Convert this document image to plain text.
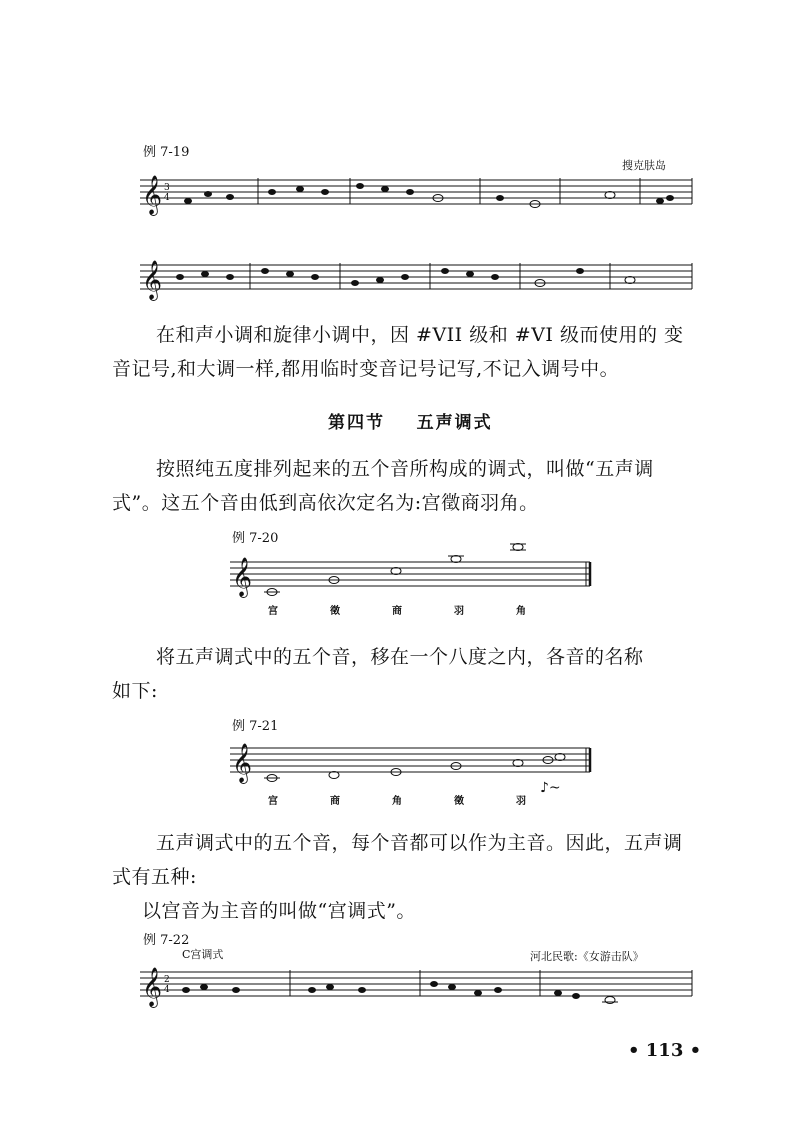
例 7-19
搜克肤岛
𝄞 3
4
𝄞
在和声小调和旋律小调中，因 #VII 级和 #VI 级而使用的 变
音记号,和大调一样,都用临时变音记号记写,不记入调号中。
第四节    五声调式
按照纯五度排列起来的五个音所构成的调式，叫做“五声调
式”。这五个音由低到高依次定名为:宫徵商羽角。
例 7-20
𝄞
宫	徵	商	羽	角
将五声调式中的五个音，移在一个八度之内，各音的名称
如下:
例 7-21
𝄞
宫	商	角	徵	羽
♪~
五声调式中的五个音，每个音都可以作为主音。因此，五声调
式有五种:
以宫音为主音的叫做“宫调式”。
例 7-22
C宫调式	河北民歌:《女游击队》
𝄞 2
4
• 113 •
